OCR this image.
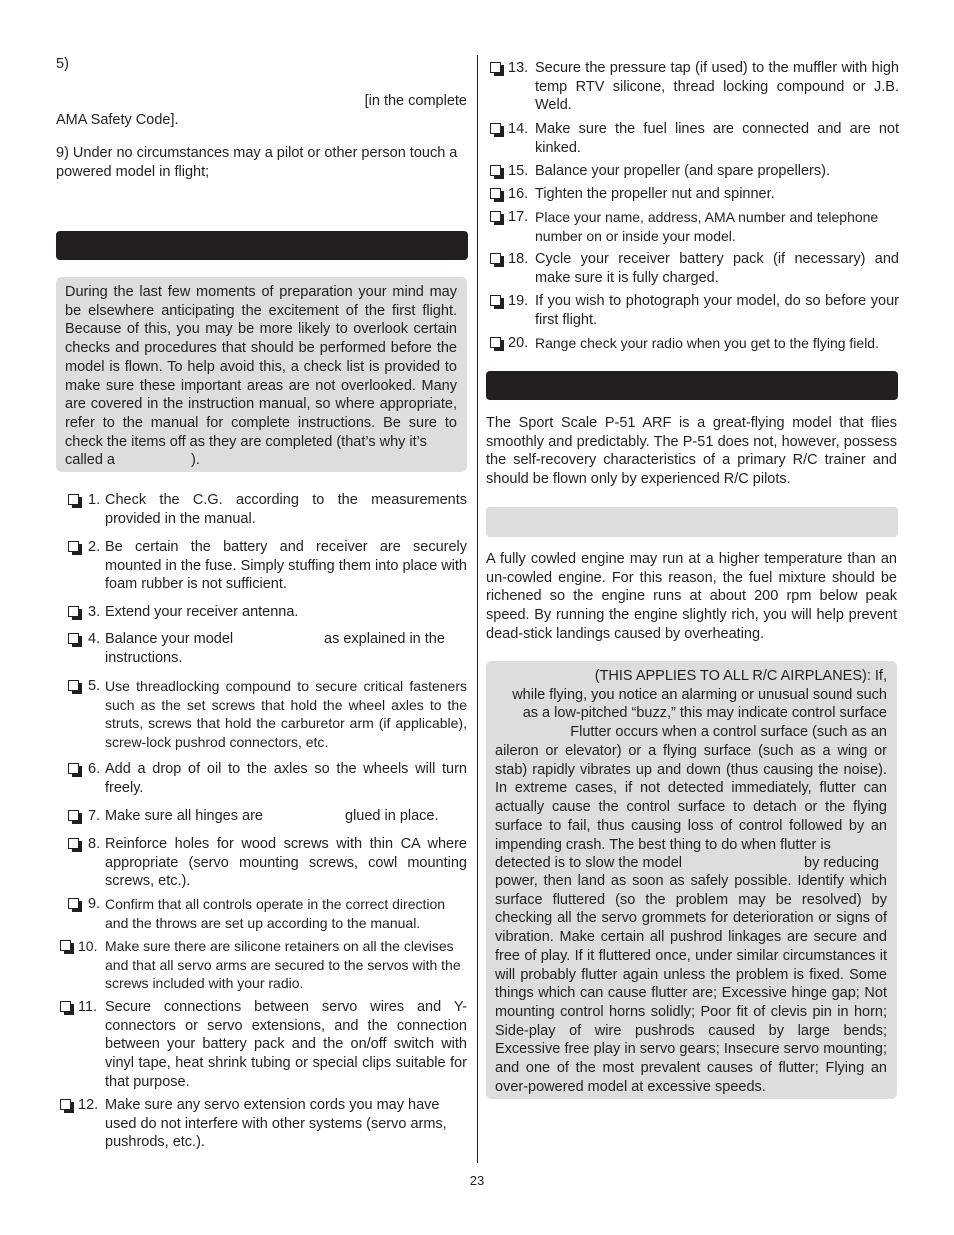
5)

[in the complete

AMA Safety Code].

9) Under no circumstances may a pilot or other person touch a powered model in flight;

During the last few moments of preparation your mind may be elsewhere anticipating the excitement of the first flight. Because of this, you may be more likely to overlook certain checks and procedures that should be performed before the model is flown. To help avoid this, a check list is provided to make sure these important areas are not overlooked. Many are covered in the instruction manual, so where appropriate, refer to the manual for complete instructions. Be sure to check the items off as they are completed (that’s why it’s

called a	).

1. Check the C.G. according to the measurements provided in the manual.

2. Be certain the battery and receiver are securely mounted in the fuse. Simply stuffing them into place with foam rubber is not sufficient.

3. Extend your receiver antenna.

4. Balance your model	as explained in the

instructions.

5. Use threadlocking compound to secure critical fasteners such as the set screws that hold the wheel axles to the struts, screws that hold the carburetor arm (if applicable), screw-lock pushrod connectors, etc.

6. Add a drop of oil to the axles so the wheels will turn freely.

7. Make sure all hinges are	glued in place.

8. Reinforce holes for wood screws with thin CA where appropriate (servo mounting screws, cowl mounting screws, etc.).

9. Confirm that all controls operate in the correct direction and the throws are set up according to the manual.

10. Make sure there are silicone retainers on all the clevises and that all servo arms are secured to the servos with the screws included with your radio.

11. Secure connections between servo wires and Y-connectors or servo extensions, and the connection between your battery pack and the on/off switch with vinyl tape, heat shrink tubing or special clips suitable for that purpose.

12. Make sure any servo extension cords you may have used do not interfere with other systems (servo arms, pushrods, etc.).

13. Secure the pressure tap (if used) to the muffler with high temp RTV silicone, thread locking compound or J.B. Weld.

14. Make sure the fuel lines are connected and are not kinked.

15. Balance your propeller (and spare propellers).

16. Tighten the propeller nut and spinner.

17. Place your name, address, AMA number and telephone number on or inside your model.

18. Cycle your receiver battery pack (if necessary) and make sure it is fully charged.

19. If you wish to photograph your model, do so before your first flight.

20. Range check your radio when you get to the flying field.

The Sport Scale P-51 ARF is a great-flying model that flies smoothly and predictably. The P-51 does not, however, possess the self-recovery characteristics of a primary R/C trainer and should be flown only by experienced R/C pilots.

A fully cowled engine may run at a higher temperature than an un-cowled engine. For this reason, the fuel mixture should be richened so the engine runs at about 200 rpm below peak speed. By running the engine slightly rich, you will help prevent dead-stick landings caused by overheating.

(THIS APPLIES TO ALL R/C AIRPLANES): If,

while flying, you notice an alarming or unusual sound such

as a low-pitched “buzz,” this may indicate control surface

Flutter occurs when a control surface (such as an

aileron or elevator) or a flying surface (such as a wing or stab) rapidly vibrates up and down (thus causing the noise). In extreme cases, if not detected immediately, flutter can actually cause the control surface to detach or the flying surface to fail, thus causing loss of control followed by an impending crash. The best thing to do when flutter is

detected is to slow the model	by reducing

power, then land as soon as safely possible. Identify which surface fluttered (so the problem may be resolved) by checking all the servo grommets for deterioration or signs of vibration. Make certain all pushrod linkages are secure and free of play. If it fluttered once, under similar circumstances it will probably flutter again unless the problem is fixed. Some things which can cause flutter are; Excessive hinge gap; Not mounting control horns solidly; Poor fit of clevis pin in horn; Side-play of wire pushrods caused by large bends; Excessive free play in servo gears; Insecure servo mounting; and one of the most prevalent causes of flutter; Flying an over-powered model at excessive speeds.

23
